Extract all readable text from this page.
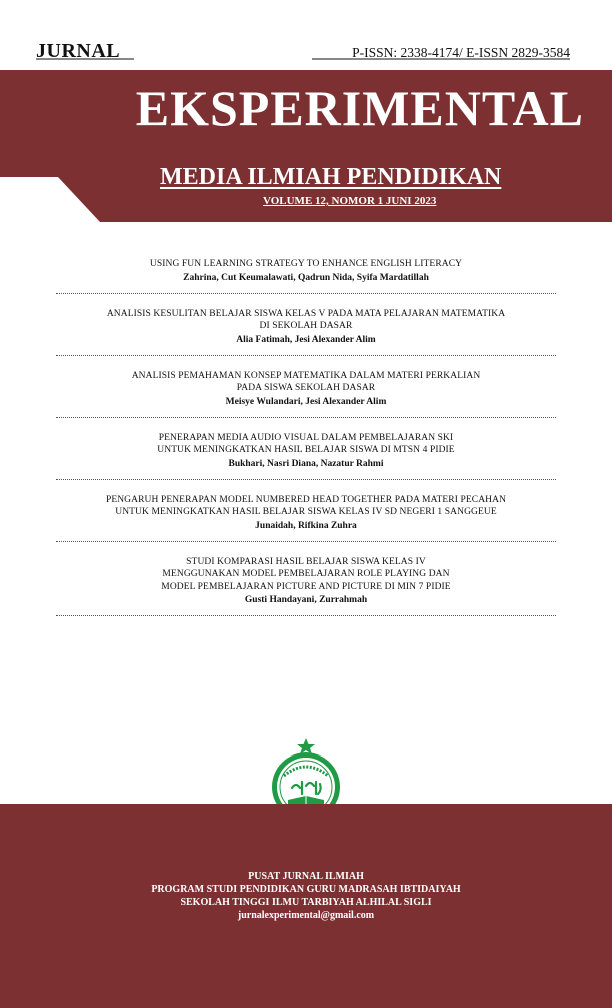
JURNAL	P-ISSN: 2338-4174/ E-ISSN 2829-3584
EKSPERIMENTAL
MEDIA ILMIAH PENDIDIKAN
VOLUME 12, NOMOR 1 JUNI 2023
USING FUN LEARNING STRATEGY TO ENHANCE ENGLISH LITERACY
Zahrina, Cut Keumalawati, Qadrun Nida, Syifa Mardatillah
ANALISIS KESULITAN BELAJAR SISWA KELAS V PADA MATA PELAJARAN MATEMATIKA
DI SEKOLAH DASAR
Alia Fatimah, Jesi Alexander Alim
ANALISIS PEMAHAMAN KONSEP MATEMATIKA DALAM MATERI PERKALIAN
PADA SISWA SEKOLAH DASAR
Meisye Wulandari, Jesi Alexander Alim
PENERAPAN MEDIA AUDIO VISUAL DALAM PEMBELAJARAN SKI
UNTUK MENINGKATKAN HASIL BELAJAR SISWA DI MTSN 4 PIDIE
Bukhari, Nasri Diana, Nazatur Rahmi
PENGARUH PENERAPAN MODEL NUMBERED HEAD TOGETHER PADA MATERI PECAHAN
UNTUK MENINGKATKAN HASIL BELAJAR SISWA KELAS IV SD NEGERI 1 SANGGEUE
Junaidah, Rifkina Zuhra
STUDI KOMPARASI HASIL BELAJAR SISWA KELAS IV
MENGGUNAKAN MODEL PEMBELAJARAN ROLE PLAYING DAN
MODEL PEMBELAJARAN PICTURE AND PICTURE DI MIN 7 PIDIE
Gusti Handayani, Zurrahmah
PUSAT JURNAL ILMIAH
PROGRAM STUDI PENDIDIKAN GURU MADRASAH IBTIDAIYAH
SEKOLAH TINGGI ILMU TARBIYAH ALHILAL SIGLI
jurnalexperimental@gmail.com
